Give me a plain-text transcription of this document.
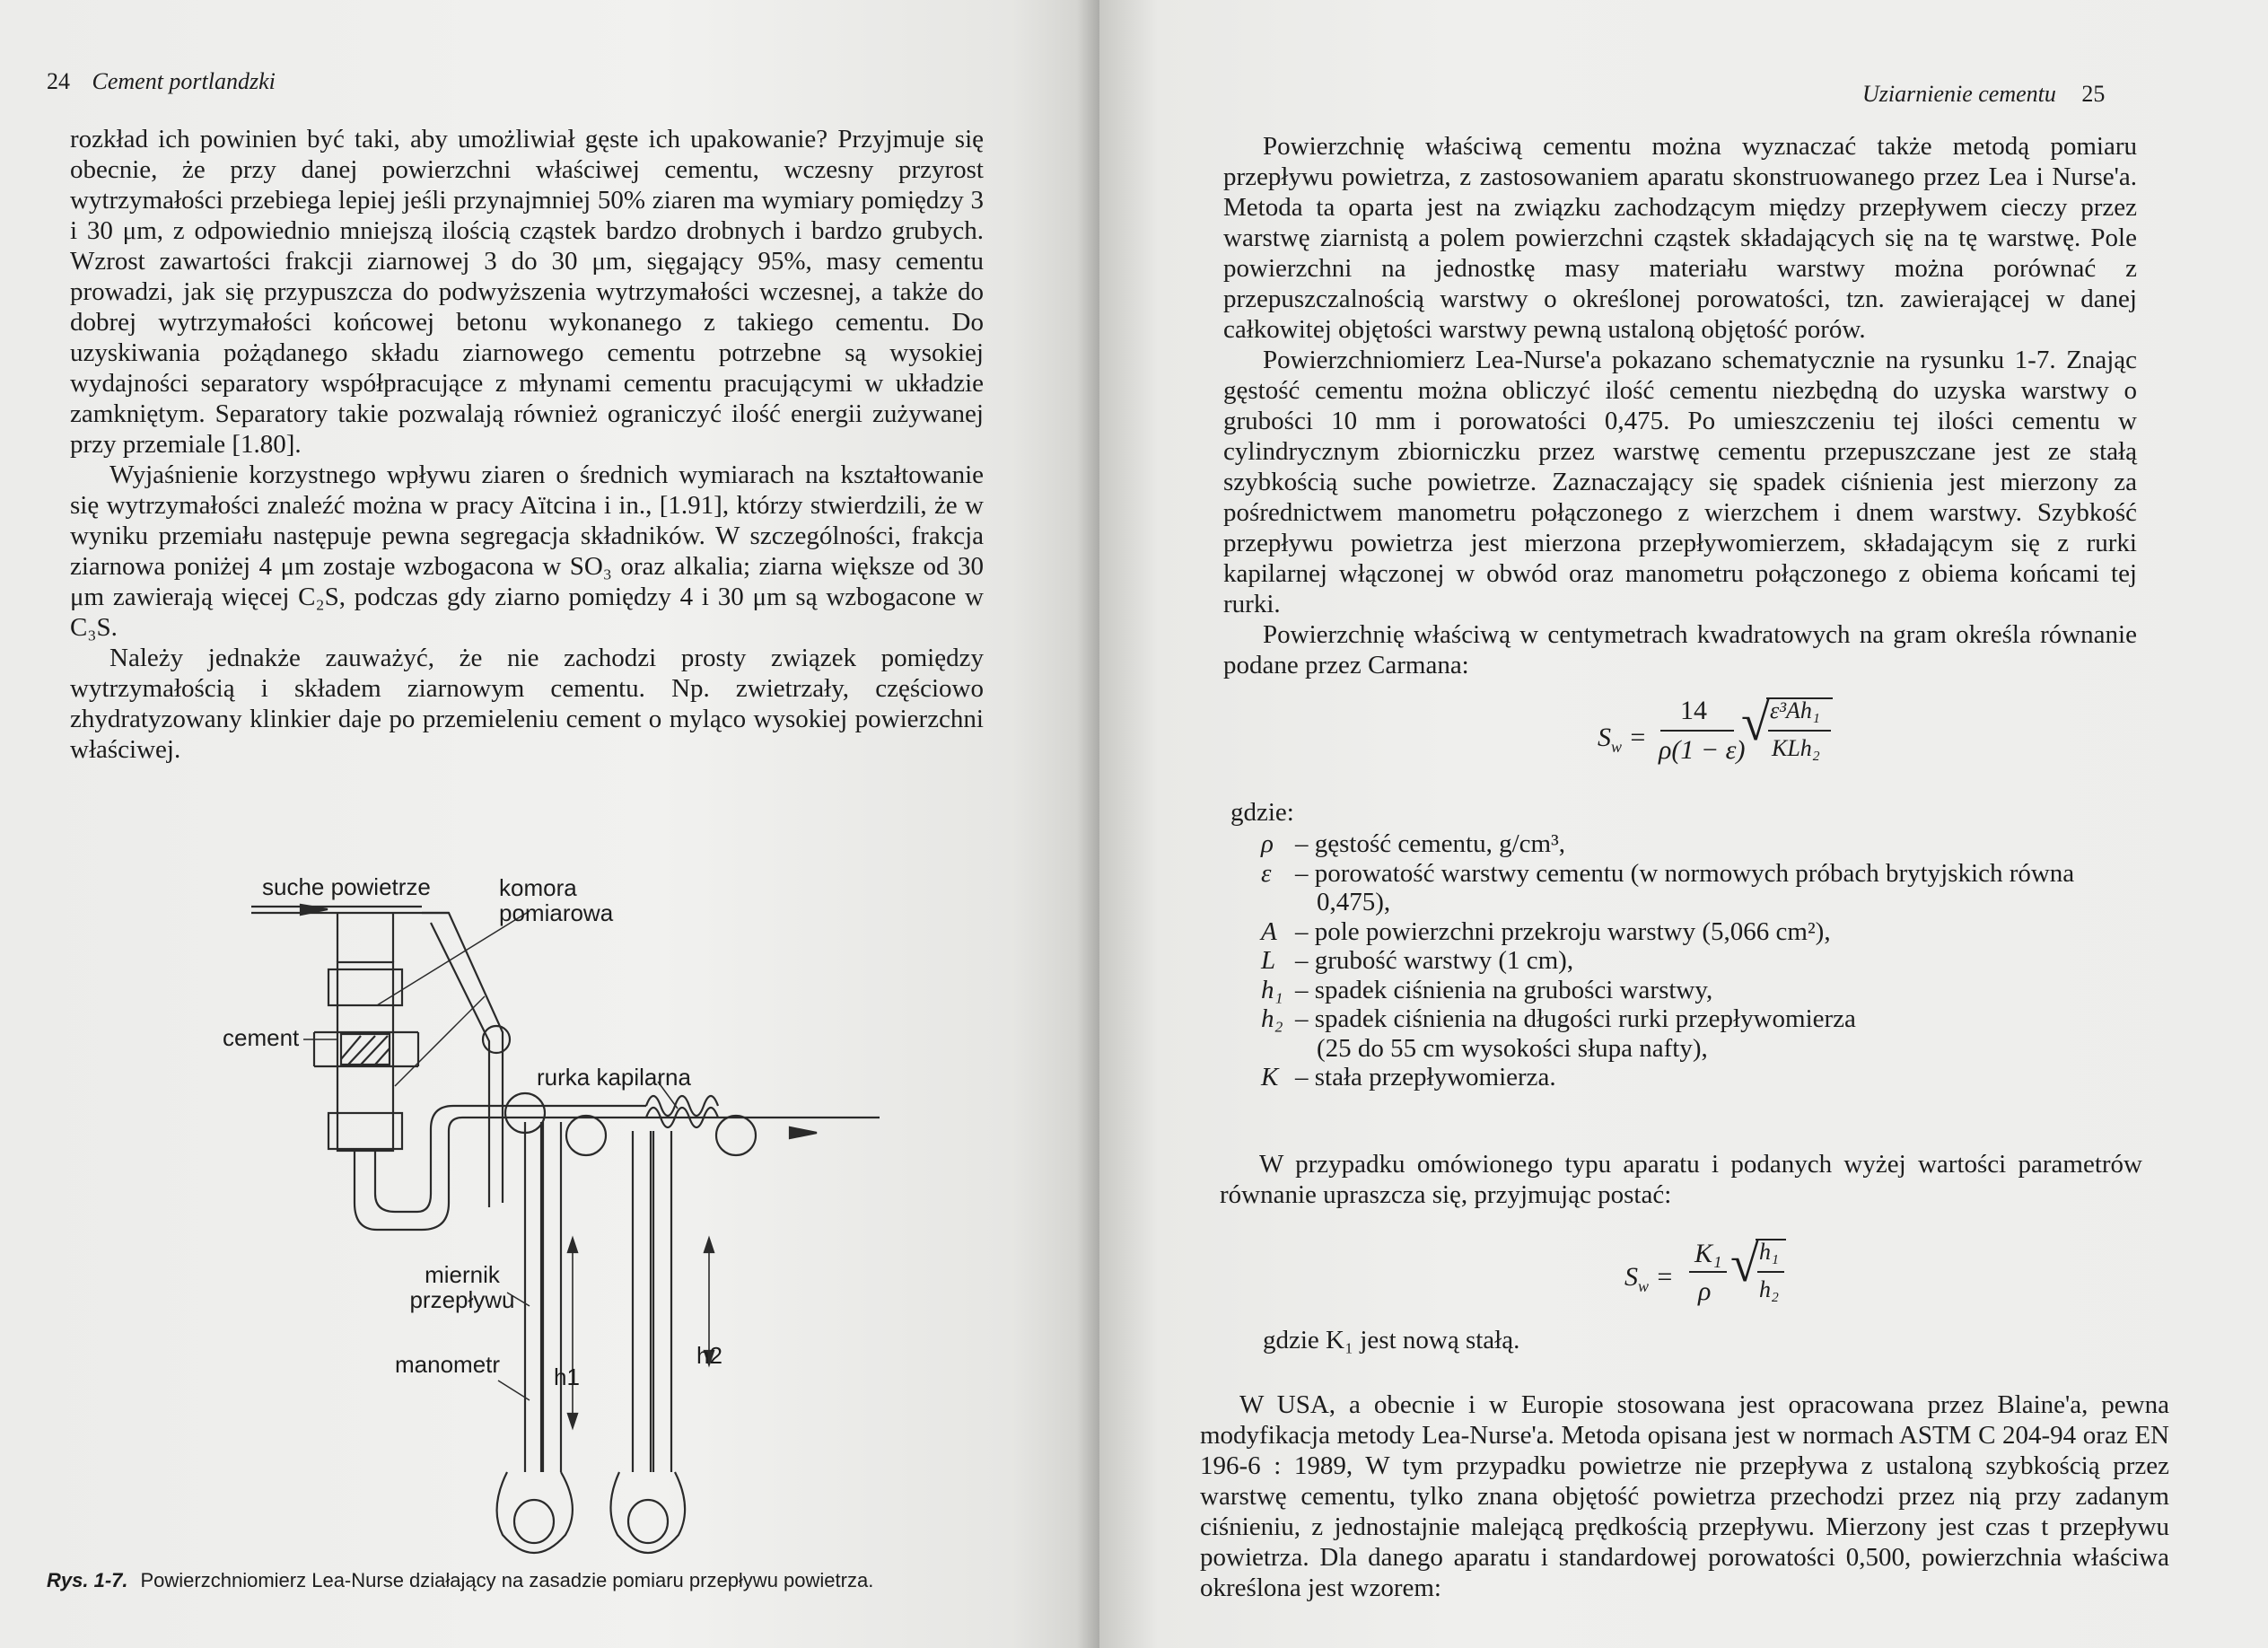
24 Cement portlandzki

rozkład ich powinien być taki, aby umożliwiał gęste ich upakowanie? Przyjmuje się obecnie, że przy danej powierzchni właściwej cementu, wczesny przyrost wytrzymałości przebiega lepiej jeśli przynajmniej 50% ziaren ma wymiary pomiędzy 3 i 30 μm, z odpowiednio mniejszą ilością cząstek bardzo drobnych i bardzo grubych. Wzrost zawartości frakcji ziarnowej 3 do 30 μm, sięgający 95%, masy cementu prowadzi, jak się przypuszcza do podwyższenia wytrzymałości wczesnej, a także do dobrej wytrzymałości końcowej betonu wykonanego z takiego cementu. Do uzyskiwania pożądanego składu ziarnowego cementu potrzebne są wysokiej wydajności separatory współpracujące z młynami cementu pracującymi w układzie zamkniętym. Separatory takie pozwalają również ograniczyć ilość energii zużywanej przy przemiale [1.80].

Wyjaśnienie korzystnego wpływu ziaren o średnich wymiarach na kształtowanie się wytrzymałości znaleźć można w pracy Aïtcina i in., [1.91], którzy stwierdzili, że w wyniku przemiału następuje pewna segregacja składników. W szczególności, frakcja ziarnowa poniżej 4 μm zostaje wzbogacona w SO₃ oraz alkalia; ziarna większe od 30 μm zawierają więcej C₂S, podczas gdy ziarno pomiędzy 4 i 30 μm są wzbogacone w C₃S.

Należy jednakże zauważyć, że nie zachodzi prosty związek pomiędzy wytrzymałością i składem ziarnowym cementu. Np. zwietrzały, częściowo zhydratyzowany klinkier daje po przemieleniu cement o myląco wysokiej powierzchni właściwej.

suche powietrze	komora pomiarowa
cement
rurka kapilarna
miernik przepływu
manometr h1
h2
Rys. 1-7. Powierzchniomierz Lea-Nurse działający na zasadzie pomiaru przepływu powietrza.
Uziarnienie cementu 25

Powierzchnię właściwą cementu można wyznaczać także metodą pomiaru przepływu powietrza, z zastosowaniem aparatu skonstruowanego przez Lea i Nurse'a. Metoda ta oparta jest na związku zachodzącym między przepływem cieczy przez warstwę ziarnistą a polem powierzchni cząstek składających się na tę warstwę. Pole powierzchni na jednostkę masy materiału warstwy można porównać z przepuszczalnością warstwy o określonej porowatości, tzn. zawierającej w danej całkowitej objętości warstwy pewną ustaloną objętość porów.

Powierzchniomierz Lea-Nurse'a pokazano schematycznie na rysunku 1-7. Znając gęstość cementu można obliczyć ilość cementu niezbędną do uzyska warstwy o grubości 10 mm i porowatości 0,475. Po umieszczeniu tej ilości cementu w cylindrycznym zbiorniczku przez warstwę cementu przepuszczane jest ze stałą szybkością suche powietrze. Zaznaczający się spadek ciśnienia jest mierzony za pośrednictwem manometru połączonego z wierzchem i dnem warstwy. Szybkość przepływu powietrza jest mierzona przepływomierzem, składającym się z rurki kapilarnej włączonej w obwód oraz manometru połączonego z obiema końcami tej rurki.

Powierzchnię właściwą w centymetrach kwadratowych na gram określa równanie podane przez Carmana:

$S_w$ =
14
ρ(1 − ε)
√ ε³Ah₁
KLh₂
gdzie:
ρ – gęstość cementu, g/cm³,
ε – porowatość warstwy cementu (w normowych próbach brytyjskich równa
0,475),
A – pole powierzchni przekroju warstwy (5,066 cm²),
L – grubość warstwy (1 cm),
h₁ – spadek ciśnienia na grubości warstwy,
h₂ – spadek ciśnienia na długości rurki przepływomierza
(25 do 55 cm wysokości słupa nafty),
K – stała przepływomierza.
W przypadku omówionego typu aparatu i podanych wyżej wartości parametrów równanie upraszcza się, przyjmując postać:
$S_w$ =
K₁
ρ √ h₁
h₂
gdzie K₁ jest nową stałą.
W USA, a obecnie i w Europie stosowana jest opracowana przez Blaine'a, pewna modyfikacja metody Lea-Nurse'a. Metoda opisana jest w normach ASTM C 204-94 oraz EN 196-6 : 1989, W tym przypadku powietrze nie przepływa z ustaloną szybkością przez warstwę cementu, tylko znana objętość powietrza przechodzi przez nią przy zadanym ciśnieniu, z jednostajnie malejącą prędkością przepływu. Mierzony jest czas t przepływu powietrza. Dla danego aparatu i standardowej porowatości 0,500, powierzchnia właściwa określona jest wzorem:
